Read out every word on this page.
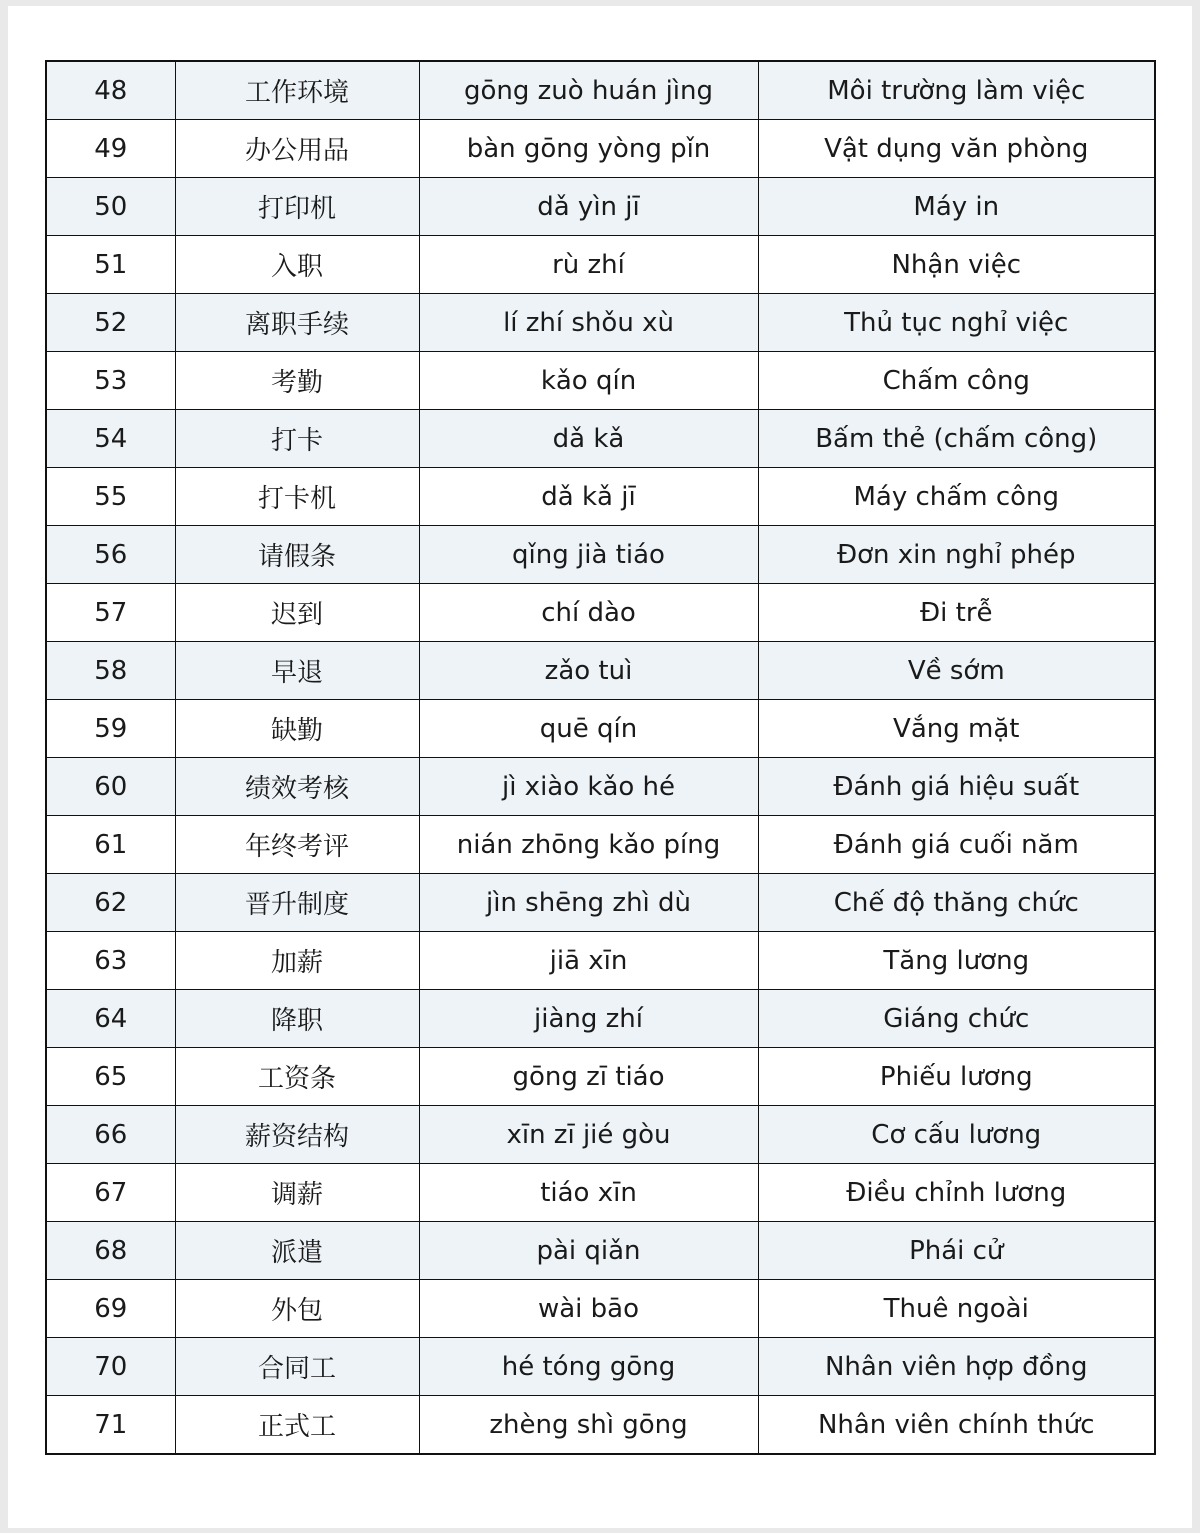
48	工作环境	gōng zuò huán jìng	Môi trường làm việc
49	办公用品	bàn gōng yòng pǐn	Vật dụng văn phòng
50	打印机	dǎ yìn jī	Máy in
51	入职	rù zhí	Nhận việc
52	离职手续	lí zhí shǒu xù	Thủ tục nghỉ việc
53	考勤	kǎo qín	Chấm công
54	打卡	dǎ kǎ	Bấm thẻ (chấm công)
55	打卡机	dǎ kǎ jī	Máy chấm công
56	请假条	qǐng jià tiáo	Đơn xin nghỉ phép
57	迟到	chí dào	Đi trễ
58	早退	zǎo tuì	Về sớm
59	缺勤	quē qín	Vắng mặt
60	绩效考核	jì xiào kǎo hé	Đánh giá hiệu suất
61	年终考评	nián zhōng kǎo píng	Đánh giá cuối năm
62	晋升制度	jìn shēng zhì dù	Chế độ thăng chức
63	加薪	jiā xīn	Tăng lương
64	降职	jiàng zhí	Giáng chức
65	工资条	gōng zī tiáo	Phiếu lương
66	薪资结构	xīn zī jié gòu	Cơ cấu lương
67	调薪	tiáo xīn	Điều chỉnh lương
68	派遣	pài qiǎn	Phái cử
69	外包	wài bāo	Thuê ngoài
70	合同工	hé tóng gōng	Nhân viên hợp đồng
71	正式工	zhèng shì gōng	Nhân viên chính thức
